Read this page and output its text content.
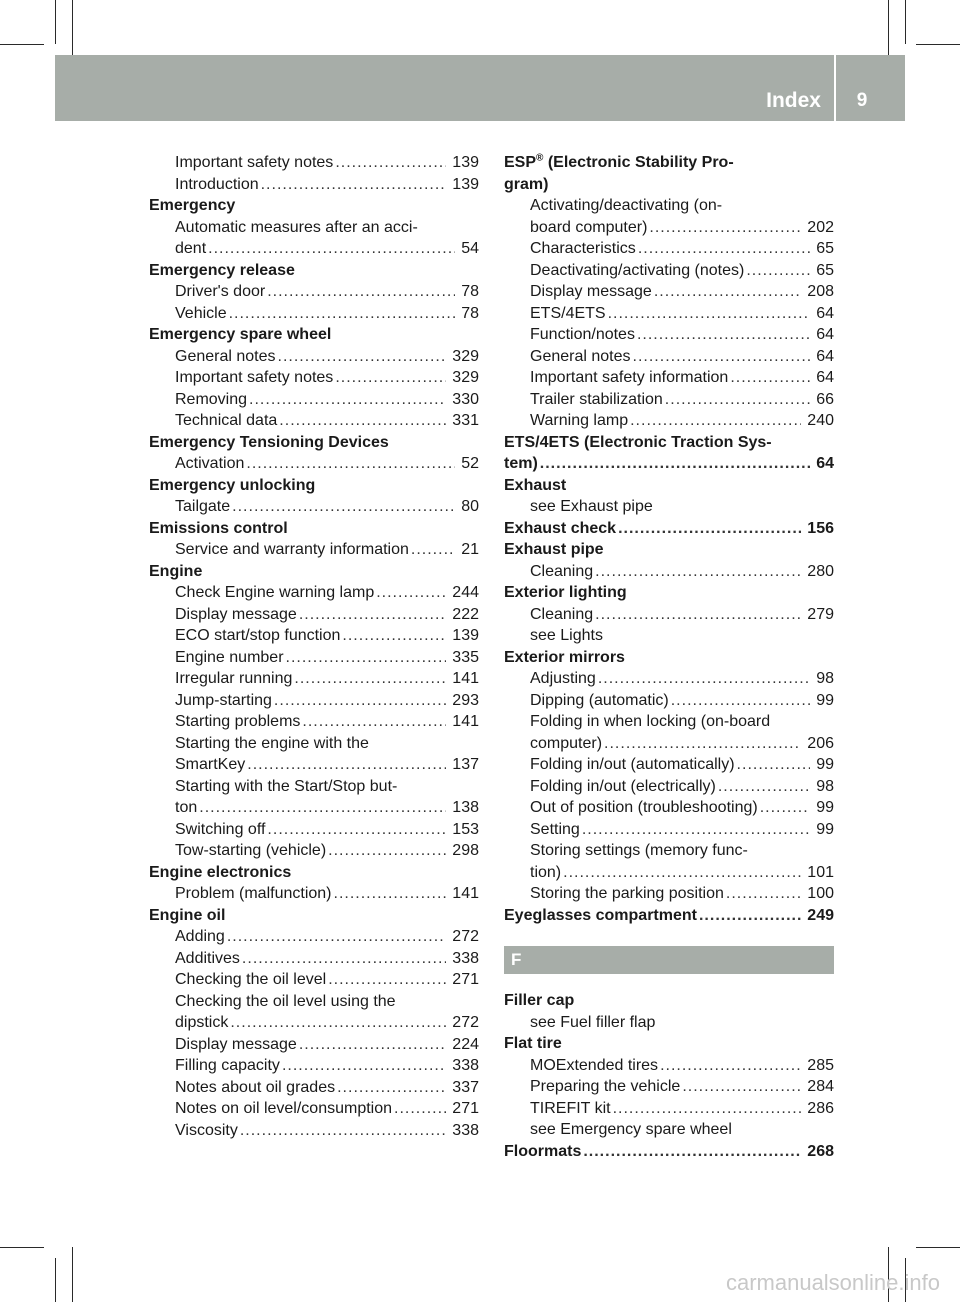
Index	9
Important safety notes .....	139
Introduction .....	139
Emergency
Automatic measures after an acci-
dent .....	54
Emergency release
Driver's door .....	78
Vehicle .....	78
Emergency spare wheel
General notes .....	329
Important safety notes .....	329
Removing .....	330
Technical data .....	331
Emergency Tensioning Devices
Activation .....	52
Emergency unlocking
Tailgate .....	80
Emissions control
Service and warranty information .....	21
Engine
Check Engine warning lamp .....	244
Display message .....	222
ECO start/stop function .....	139
Engine number .....	335
Irregular running .....	141
Jump-starting .....	293
Starting problems .....	141
Starting the engine with the
SmartKey .....	137
Starting with the Start/Stop but-
ton .....	138
Switching off .....	153
Tow-starting (vehicle) .....	298
Engine electronics
Problem (malfunction) .....	141
Engine oil
Adding .....	272
Additives .....	338
Checking the oil level .....	271
Checking the oil level using the
dipstick .....	272
Display message .....	224
Filling capacity .....	338
Notes about oil grades .....	337
Notes on oil level/consumption .....	271
Viscosity .....	338
ESP® (Electronic Stability Pro-
gram)
Activating/deactivating (on-
board computer) .....	202
Characteristics .....	65
Deactivating/activating (notes) .....	65
Display message .....	208
ETS/4ETS .....	64
Function/notes .....	64
General notes .....	64
Important safety information .....	64
Trailer stabilization .....	66
Warning lamp .....	240
ETS/4ETS (Electronic Traction Sys-
tem) .....	64
Exhaust
see Exhaust pipe
Exhaust check .....	156
Exhaust pipe
Cleaning .....	280
Exterior lighting
Cleaning .....	279
see Lights
Exterior mirrors
Adjusting .....	98
Dipping (automatic) .....	99
Folding in when locking (on-board
computer) .....	206
Folding in/out (automatically) .....	99
Folding in/out (electrically) .....	98
Out of position (troubleshooting) .....	99
Setting .....	99
Storing settings (memory func-
tion) .....	101
Storing the parking position .....	100
Eyeglasses compartment .....	249
F
Filler cap
see Fuel filler flap
Flat tire
MOExtended tires .....	285
Preparing the vehicle .....	284
TIREFIT kit .....	286
see Emergency spare wheel
Floormats .....	268
carmanualsonline.info
